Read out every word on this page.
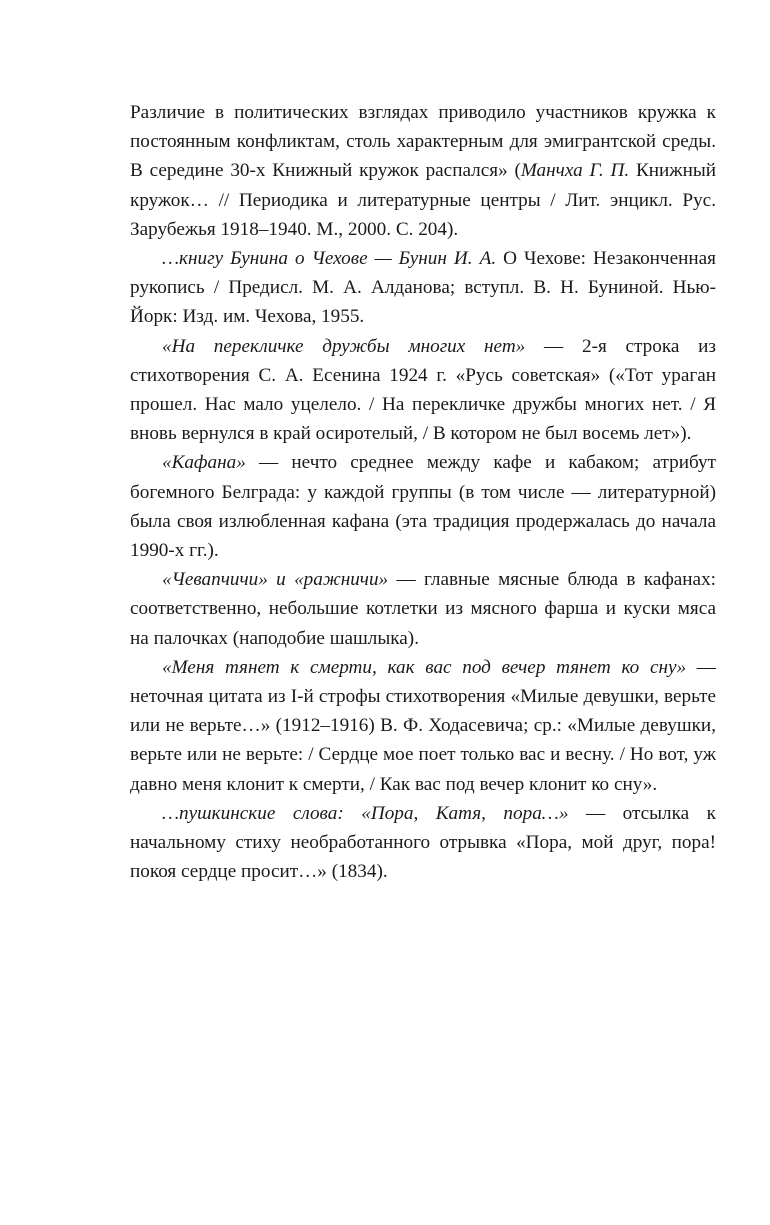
Различие в политических взглядах приводило участников кружка к постоянным конфликтам, столь характерным для эмигрантской среды. В середине 30-х Книжный кружок распался» (Манчха Г. П. Книжный кружок… // Периодика и литературные центры / Лит. энцикл. Рус. Зарубежья 1918–1940. М., 2000. С. 204).

…книгу Бунина о Чехове — Бунин И. А. О Чехове: Незаконченная рукопись / Предисл. М. А. Алданова; вступл. В. Н. Буниной. Нью-Йорк: Изд. им. Чехова, 1955.

«На перекличке дружбы многих нет» — 2-я строка из стихотворения С. А. Есенина 1924 г. «Русь советская» («Тот ураган прошел. Нас мало уцелело. / На перекличке дружбы многих нет. / Я вновь вернулся в край осиротелый, / В котором не был восемь лет»).

«Кафана» — нечто среднее между кафе и кабаком; атрибут богемного Белграда: у каждой группы (в том числе — литературной) была своя излюбленная кафана (эта традиция продержалась до начала 1990-х гг.).

«Чевапчичи» и «ражничи» — главные мясные блюда в кафанах: соответственно, небольшие котлетки из мясного фарша и куски мяса на палочках (наподобие шашлыка).

«Меня тянет к смерти, как вас под вечер тянет ко сну» — неточная цитата из I-й строфы стихотворения «Милые девушки, верьте или не верьте…» (1912–1916) В. Ф. Ходасевича; ср.: «Милые девушки, верьте или не верьте: / Сердце мое поет только вас и весну. / Но вот, уж давно меня клонит к смерти, / Как вас под вечер клонит ко сну».

…пушкинские слова: «Пора, Катя, пора…» — отсылка к начальному стиху необработанного отрывка «Пора, мой друг, пора! покоя сердце просит…» (1834).
